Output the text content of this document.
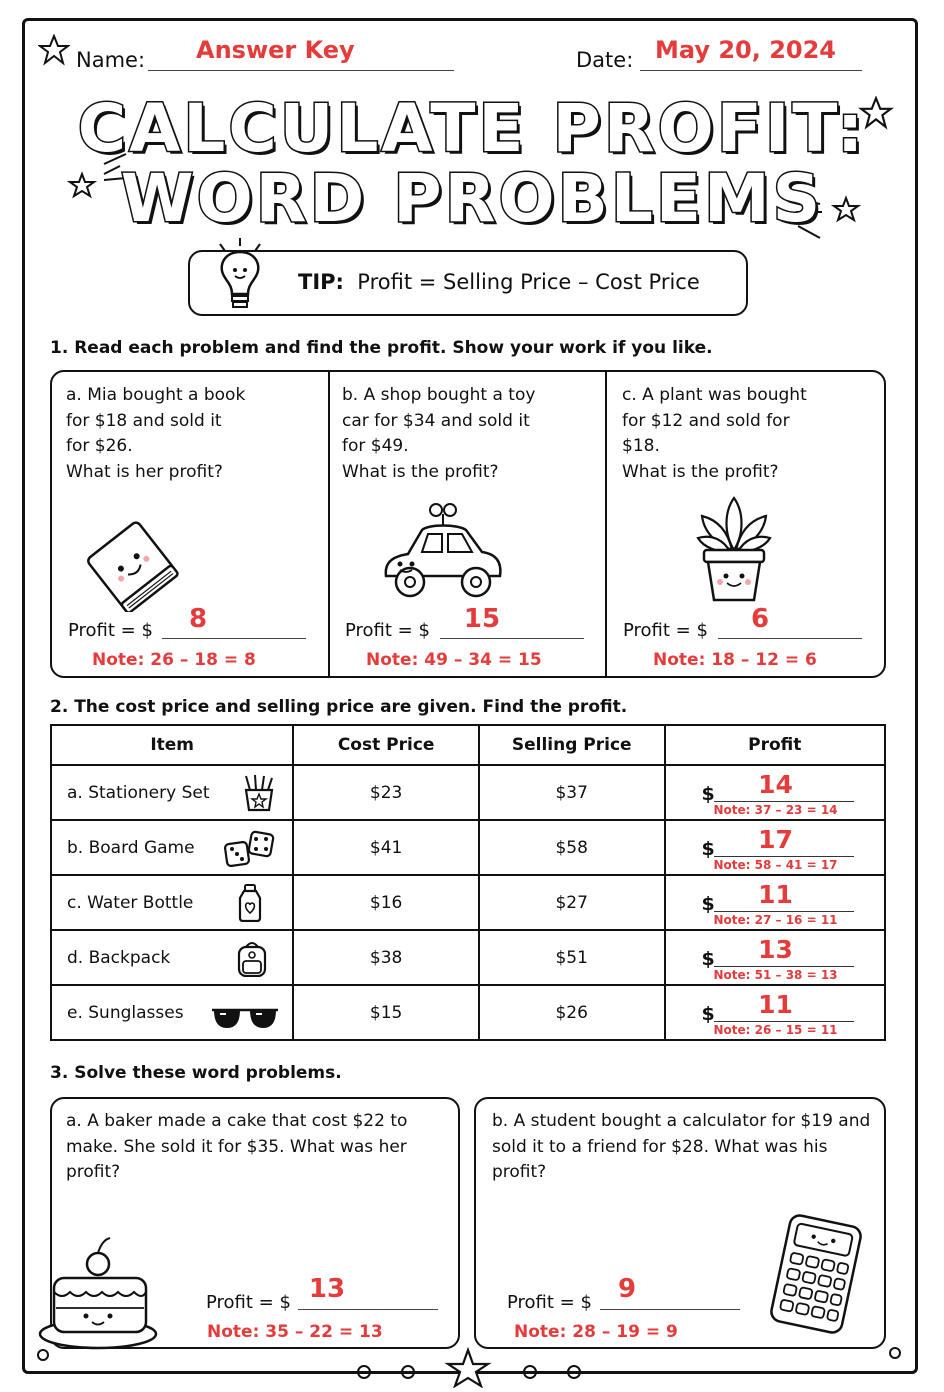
Name: Answer Key	Date: May 20, 2024
CALCULATE PROFIT:
WORD PROBLEMS
TIP: Profit = Selling Price – Cost Price
1. Read each problem and find the profit. Show your work if you like.
a. Mia bought a book
for $18 and sold it
for $26.
What is her profit?
Profit = $	8
Note: 26 – 18 = 8
b. A shop bought a toy
car for $34 and sold it
for $49.
What is the profit?
Profit = $	15
Note: 49 – 34 = 15
c. A plant was bought
for $12 and sold for
$18.
What is the profit?
Profit = $	6
Note: 18 – 12 = 6
2. The cost price and selling price are given. Find the profit.
Item	Cost Price	Selling Price	Profit

a. Stationery Set	$23	$37	$ 14
Note: 37 – 23 = 14

b. Board Game	$41	$58	$ 17
Note: 58 – 41 = 17

c. Water Bottle	$16	$27	$ 11
Note: 27 – 16 = 11

d. Backpack	$38	$51	$ 13
Note: 51 – 38 = 13

e. Sunglasses	$15	$26	$ 11
Note: 26 – 15 = 11
3. Solve these word problems.
a. A baker made a cake that cost $22 to
make. She sold it for $35. What was her
profit?
Profit = $ 13
Note: 35 – 22 = 13
b. A student bought a calculator for $19 and
sold it to a friend for $28. What was his
profit?
Profit = $	9
Note: 28 – 19 = 9
